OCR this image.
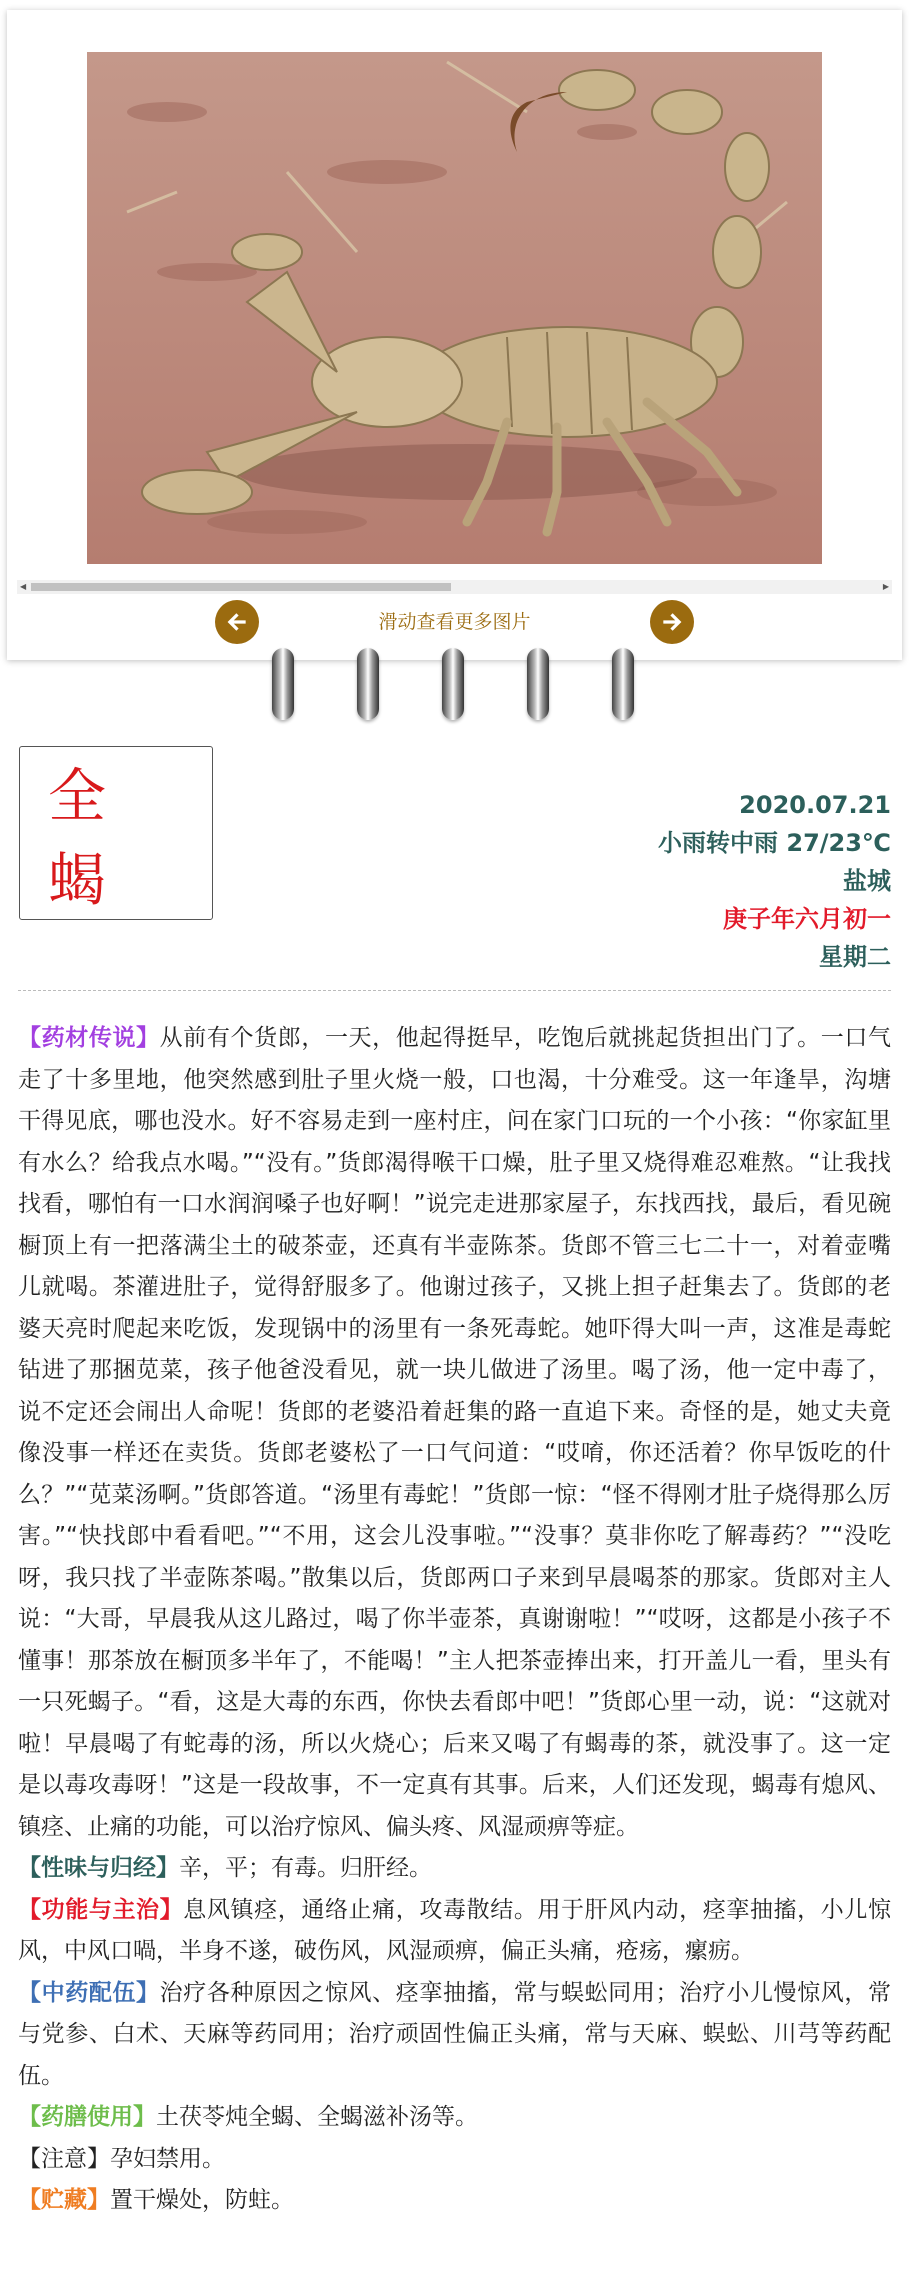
◀	▶
滑动查看更多图片
全蝎
2020.07.21
小雨转中雨 27/23℃
盐城
庚子年六月初一
星期二

【药材传说】从前有个货郎，一天，他起得挺早，吃饱后就挑起货担出门了。一口气走了十多里地，他突然感到肚子里火烧一般，口也渴，十分难受。这一年逢旱，沟塘干得见底，哪也没水。好不容易走到一座村庄，问在家门口玩的一个小孩：“你家缸里有水么？给我点水喝。”“没有。”货郎渴得喉干口燥，肚子里又烧得难忍难熬。“让我找找看，哪怕有一口水润润嗓子也好啊！”说完走进那家屋子，东找西找，最后，看见碗橱顶上有一把落满尘土的破茶壶，还真有半壶陈茶。货郎不管三七二十一，对着壶嘴儿就喝。茶灌进肚子，觉得舒服多了。他谢过孩子，又挑上担子赶集去了。货郎的老婆天亮时爬起来吃饭，发现锅中的汤里有一条死毒蛇。她吓得大叫一声，这准是毒蛇钻进了那捆苋菜，孩子他爸没看见，就一块儿做进了汤里。喝了汤，他一定中毒了，说不定还会闹出人命呢！货郎的老婆沿着赶集的路一直追下来。奇怪的是，她丈夫竟像没事一样还在卖货。货郎老婆松了一口气问道：“哎唷，你还活着？你早饭吃的什么？”“苋菜汤啊。”货郎答道。“汤里有毒蛇！”货郎一惊：“怪不得刚才肚子烧得那么厉害。”“快找郎中看看吧。”“不用，这会儿没事啦。”“没事？莫非你吃了解毒药？”“没吃呀，我只找了半壶陈茶喝。”散集以后，货郎两口子来到早晨喝茶的那家。货郎对主人说：“大哥，早晨我从这儿路过，喝了你半壶茶，真谢谢啦！”“哎呀，这都是小孩子不懂事！那茶放在橱顶多半年了，不能喝！”主人把茶壶捧出来，打开盖儿一看，里头有一只死蝎子。“看，这是大毒的东西，你快去看郎中吧！”货郎心里一动，说：“这就对啦！早晨喝了有蛇毒的汤，所以火烧心；后来又喝了有蝎毒的茶，就没事了。这一定是以毒攻毒呀！”这是一段故事，不一定真有其事。后来，人们还发现，蝎毒有熄风、镇痉、止痛的功能，可以治疗惊风、偏头疼、风湿顽痹等症。

【性味与归经】辛，平；有毒。归肝经。

【功能与主治】息风镇痉，通络止痛，攻毒散结。用于肝风内动，痉挛抽搐，小儿惊风，中风口喎，半身不遂，破伤风，风湿顽痹，偏正头痛，疮疡，瘰疬。

【中药配伍】治疗各种原因之惊风、痉挛抽搐，常与蜈蚣同用；治疗小儿慢惊风，常与党参、白术、天麻等药同用；治疗顽固性偏正头痛，常与天麻、蜈蚣、川芎等药配伍。

【药膳使用】土茯苓炖全蝎、全蝎滋补汤等。

【注意】孕妇禁用。

【贮藏】置干燥处，防蛀。
